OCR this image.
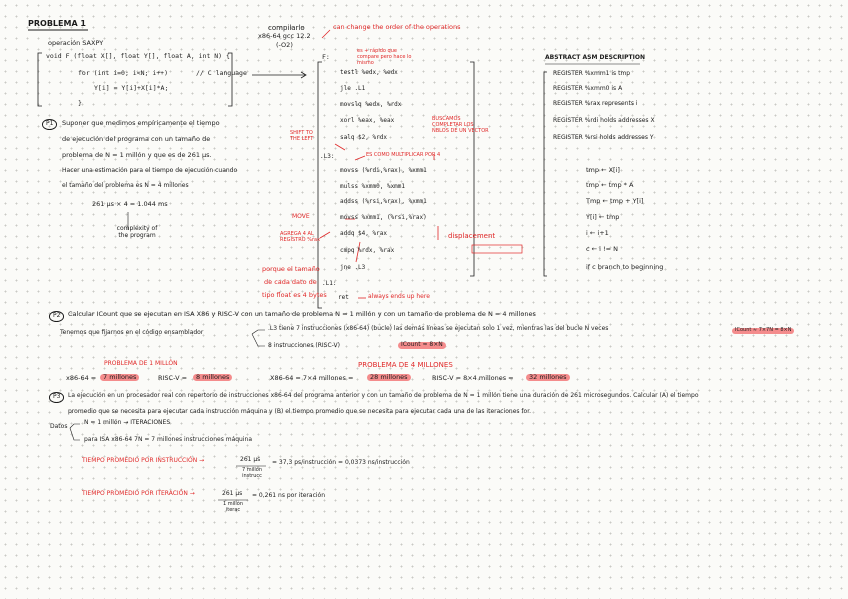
PROBLEMA 1
operación SAXPY
void F (float X[], float Y[], float A, int N) {
for (int i=0; i<N; i++)	// C language
Y[i] = Y[i]+X[i]*A;
}
compilarlo
x86-64 gcc 12.2
(-O2)
can change the order of the operations
F:
testl %edx, %edx
jle .L1
movslq %edx, %rdx
xorl %eax, %eax
salq $2, %rdx
.L3:
movss (%rdi,%rax), %xmm1
mulss %xmm0, %xmm1
addss (%rsi,%rax), %xmm1
movss %xmm1, (%rsi,%rax)
addq $4, %rax
cmpq %rdx, %rax
jne .L3
.L1:
ret
es + rápido que compare pero hace lo mismo
SHIFT TO THE LEFT
ES COMO MULTIPLICAR POR 4
BUSCAMOS COMPLETAR LOS NBLOS DE UN VECTOR
MOVE
AGREGA 4 AL REGISTRO %rax	displacement
porque el tamaño
de cada dato de
tipo float es 4 bytes	always ends up here
ABSTRACT ASM DESCRIPTION
REGISTER %xmm1 is tmp
REGISTER %xmm0 is A
REGISTER %rax represents i
REGISTER %rdi holds addresses X
REGISTER %rsi holds addresses Y
tmp ← X[i]
tmp ← tmp * A
Tmp ← tmp + Y[i]
Y[i] ← tmp
i ← i+1
c ← i != N
if c branch to beginning
P1	Suponer que medimos empíricamente el tiempo
de ejecución del programa con un tamaño de
problema de N = 1 millón y que es de 261 µs.
Hacer una estimación para el tiempo de ejecución cuando
el tamaño del problema es N = 4 millones
261 µs × 4 = 1.044 ms
complexity of the program
P2	Calcular ICount que se ejecutan en ISA X86 y RISC-V con un tamaño de problema N = 1 millón y con un tamaño de problema de N = 4 millones
Tenemos que fijarnos en el código ensamblador
.L3 tiene 7 instrucciones (x86-64) (bucle) las demás líneas se ejecutan solo 1 vez, mientras las del bucle N veces
8 instrucciones (RISC-V)	ICount ≈ 8×N
ICount ≈ 7×7N = 8×N
PROBLEMA DE 1 MILLÓN
x86-64 =	7 millones	RISC-V =	8 millones
PROBLEMA DE 4 MILLONES
X86-64 = 7×4 millones =	28 millones	RISC-V = 8×4 millones =	32 millones
P3	La ejecución en un procesador real con repertorio de instrucciones x86-64 del programa anterior y con un tamaño de problema de N = 1 millón tiene una duración de 261 microsegundos. Calcular (A) el tiempo
promedio que se necesita para ejecutar cada instrucción máquina y (B) el tiempo promedio que se necesita para ejecutar cada una de las iteraciones for.
Datos
N = 1 millón → ITERACIONES
para ISA x86-64 7N = 7 millones instrucciones máquina
TIEMPO PROMEDIO POR INSTRUCCIÓN →	261 µs
7 millón instrucc
= 37,3 ps/instrucción = 0,0373 ns/instrucción
TIEMPO PROMEDIO POR ITERACIÓN →	261 µs
1 millón iterac
= 0,261 ns por iteración
